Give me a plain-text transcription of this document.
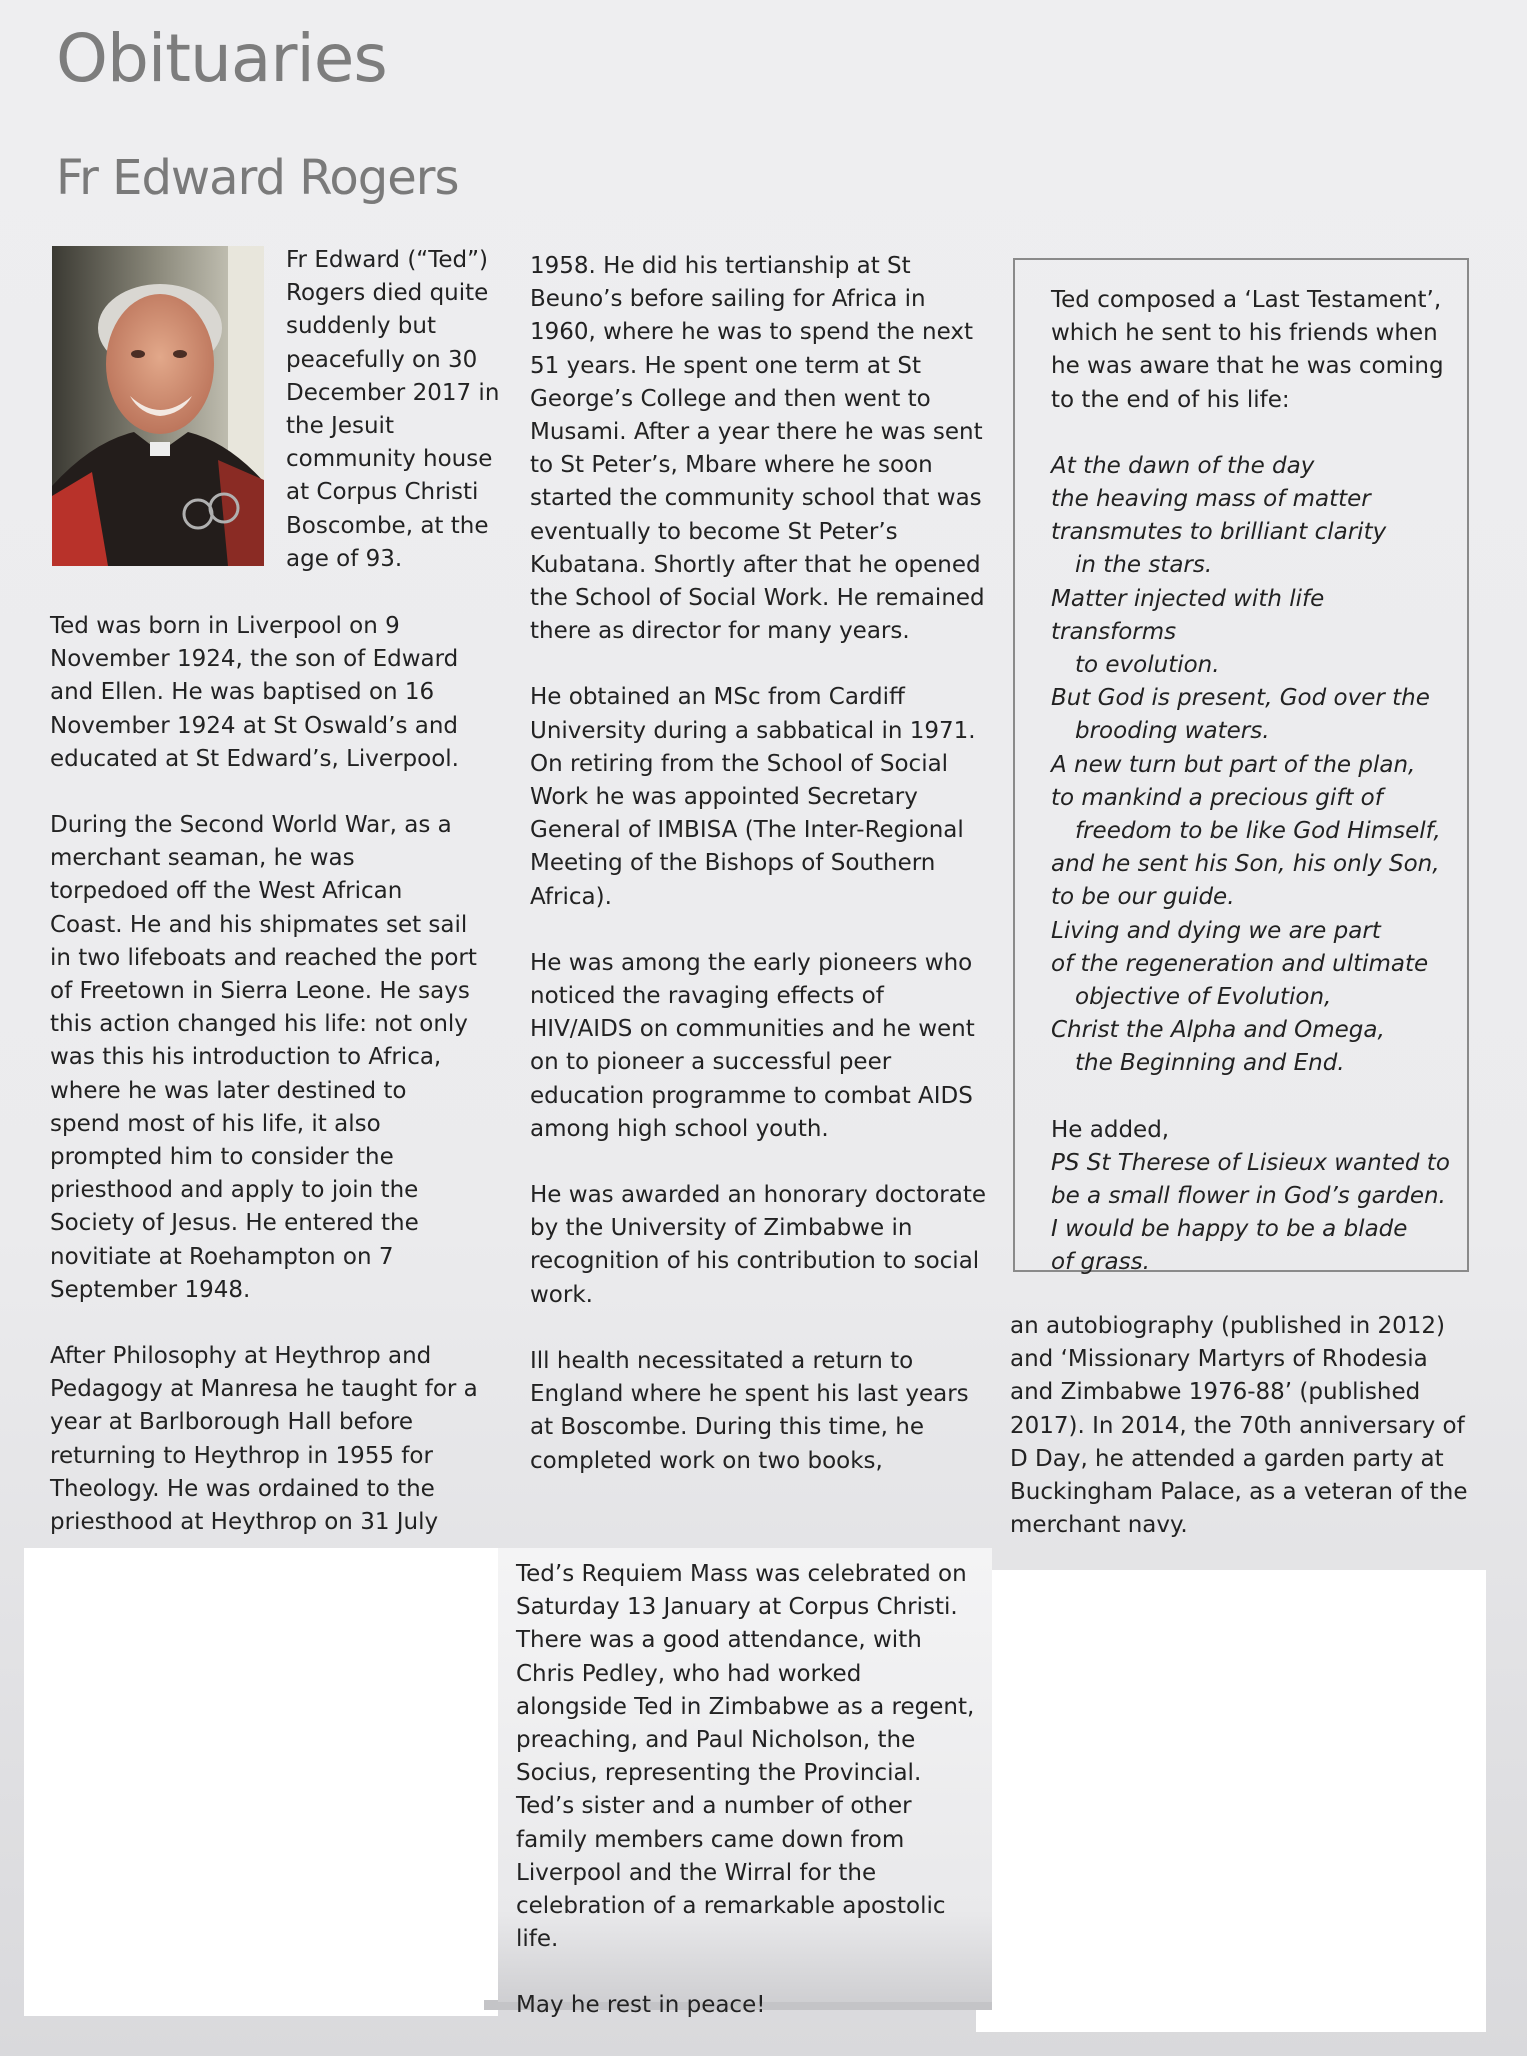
Obituaries
Fr Edward Rogers
Fr Edward (“Ted”) Rogers died quite suddenly but peacefully on 30 December 2017 in the Jesuit community house at Corpus Christi Boscombe, at the age of 93.

Ted was born in Liverpool on 9 November 1924, the son of Edward and Ellen. He was baptised on 16 November 1924 at St Oswald’s and educated at St Edward’s, Liverpool.

During the Second World War, as a merchant seaman, he was torpedoed off the West African Coast. He and his shipmates set sail in two lifeboats and reached the port of Freetown in Sierra Leone. He says this action changed his life: not only was this his introduction to Africa, where he was later destined to spend most of his life, it also prompted him to consider the priesthood and apply to join the Society of Jesus. He entered the novitiate at Roehampton on 7 September 1948.

After Philosophy at Heythrop and Pedagogy at Manresa he taught for a year at Barlborough Hall before returning to Heythrop in 1955 for Theology. He was ordained to the priesthood at Heythrop on 31 July

1958. He did his tertianship at St Beuno’s before sailing for Africa in 1960, where he was to spend the next 51 years. He spent one term at St George’s College and then went to Musami. After a year there he was sent to St Peter’s, Mbare where he soon started the community school that was eventually to become St Peter’s Kubatana. Shortly after that he opened the School of Social Work. He remained there as director for many years.

He obtained an MSc from Cardiff University during a sabbatical in 1971. On retiring from the School of Social Work he was appointed Secretary General of IMBISA (The Inter-Regional Meeting of the Bishops of Southern Africa).

He was among the early pioneers who noticed the ravaging effects of HIV/AIDS on communities and he went on to pioneer a successful peer education programme to combat AIDS among high school youth.

He was awarded an honorary doctorate by the University of Zimbabwe in recognition of his contribution to social work.

Ill health necessitated a return to England where he spent his last years at Boscombe. During this time, he completed work on two books,

Ted composed a ‘Last Testament’, which he sent to his friends when he was aware that he was coming to the end of his life:

At the dawn of the day
the heaving mass of matter
transmutes to brilliant clarity
in the stars.
Matter injected with life transforms
to evolution.
But God is present, God over the
brooding waters.
A new turn but part of the plan,
to mankind a precious gift of
freedom to be like God Himself,
and he sent his Son, his only Son,
to be our guide.
Living and dying we are part
of the regeneration and ultimate
objective of Evolution,
Christ the Alpha and Omega,
the Beginning and End.
He added,
PS St Therese of Lisieux wanted to
be a small flower in God’s garden.
I would be happy to be a blade
of grass.
an autobiography (published in 2012) and ‘Missionary Martyrs of Rhodesia and Zimbabwe 1976-88’ (published 2017). In 2014, the 70th anniversary of D Day, he attended a garden party at Buckingham Palace, as a veteran of the merchant navy.

Ted’s Requiem Mass was celebrated on Saturday 13 January at Corpus Christi. There was a good attendance, with Chris Pedley, who had worked alongside Ted in Zimbabwe as a regent, preaching, and Paul Nicholson, the Socius, representing the Provincial. Ted’s sister and a number of other family members came down from Liverpool and the Wirral for the celebration of a remarkable apostolic life.

May he rest in peace!
